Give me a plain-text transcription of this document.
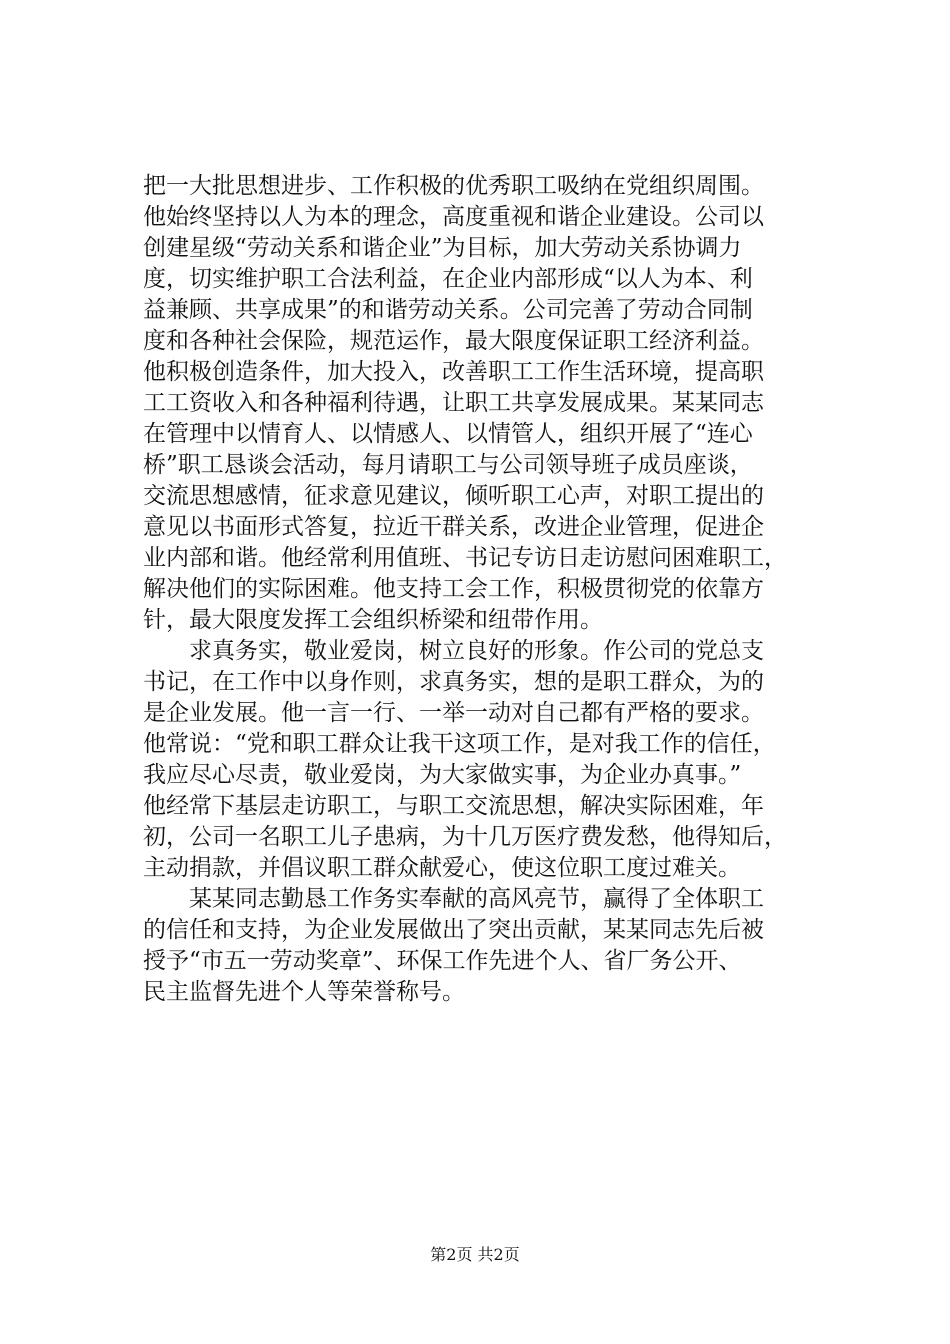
把一大批思想进步、工作积极的优秀职工吸纳在党组织周围。
他始终坚持以人为本的理念，高度重视和谐企业建设。公司以
创建星级“劳动关系和谐企业”为目标，加大劳动关系协调力
度，切实维护职工合法利益，在企业内部形成“以人为本、利
益兼顾、共享成果”的和谐劳动关系。公司完善了劳动合同制
度和各种社会保险，规范运作，最大限度保证职工经济利益。
他积极创造条件，加大投入，改善职工工作生活环境，提高职
工工资收入和各种福利待遇，让职工共享发展成果。某某同志
在管理中以情育人、以情感人、以情管人，组织开展了“连心
桥”职工恳谈会活动，每月请职工与公司领导班子成员座谈，
交流思想感情，征求意见建议，倾听职工心声，对职工提出的
意见以书面形式答复，拉近干群关系，改进企业管理，促进企
业内部和谐。他经常利用值班、书记专访日走访慰问困难职工，
解决他们的实际困难。他支持工会工作，积极贯彻党的依靠方
针，最大限度发挥工会组织桥梁和纽带作用。
　　求真务实，敬业爱岗，树立良好的形象。作公司的党总支
书记，在工作中以身作则，求真务实，想的是职工群众，为的
是企业发展。他一言一行、一举一动对自己都有严格的要求。
他常说：“党和职工群众让我干这项工作，是对我工作的信任，
我应尽心尽责，敬业爱岗，为大家做实事，为企业办真事。”
他经常下基层走访职工，与职工交流思想，解决实际困难，年
初，公司一名职工儿子患病，为十几万医疗费发愁，他得知后，
主动捐款，并倡议职工群众献爱心，使这位职工度过难关。
　　某某同志勤恳工作务实奉献的高风亮节，赢得了全体职工
的信任和支持，为企业发展做出了突出贡献，某某同志先后被
授予“市五一劳动奖章”、环保工作先进个人、省厂务公开、
民主监督先进个人等荣誉称号。
第2页 共2页
